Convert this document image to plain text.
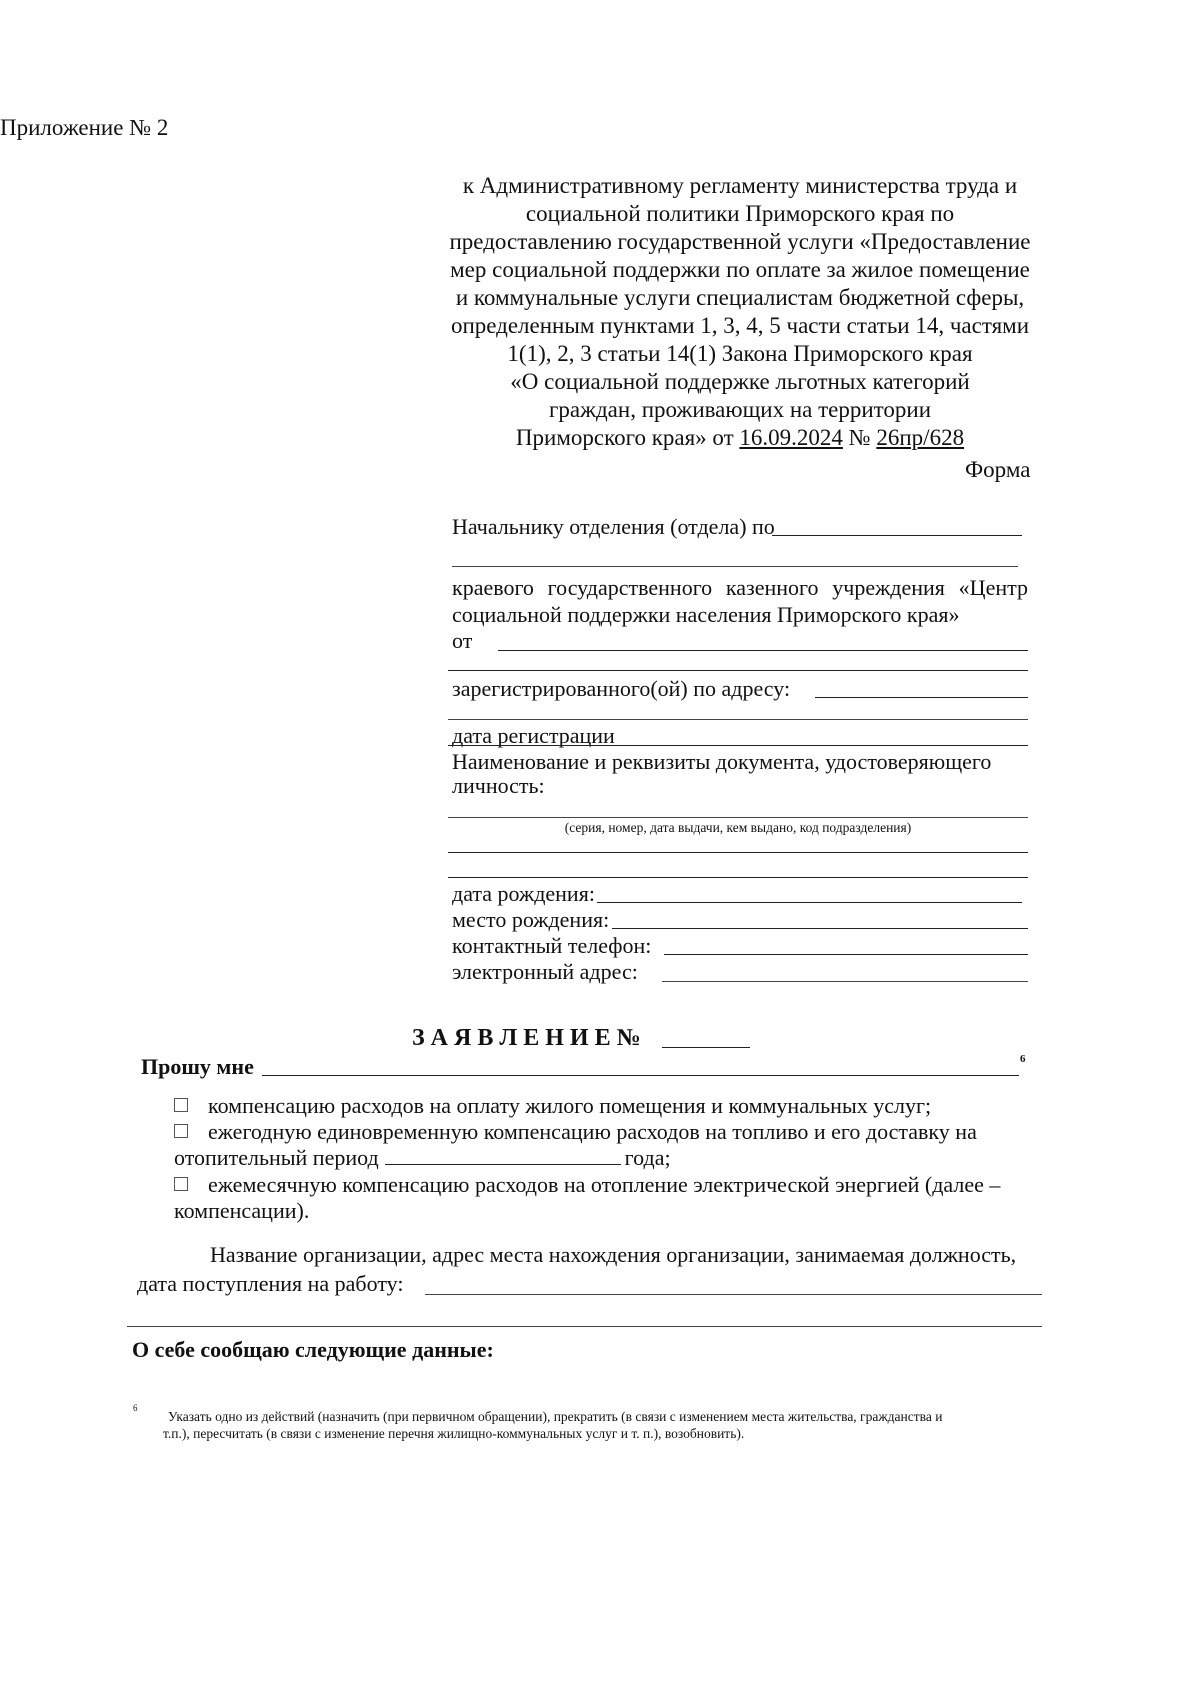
Приложение № 2
к Административному регламенту министерства труда и
социальной политики Приморского края по
предоставлению государственной услуги «Предоставление
мер социальной поддержки по оплате за жилое помещение
и коммунальные услуги специалистам бюджетной сферы,
определенным пунктами 1, 3, 4, 5 части статьи 14, частями
1(1), 2, 3 статьи 14(1) Закона Приморского края
«О социальной поддержке льготных категорий
граждан, проживающих на территории
Приморского края» от 16.09.2024 № 26пр/628
Форма
Начальнику отделения (отдела) по
краевого государственного казенного учреждения «Центр
социальной поддержки населения Приморского края»
от
зарегистрированного(ой) по адресу:
дата регистрации
Наименование и реквизиты документа, удостоверяющего
личность:
(серия, номер, дата выдачи, кем выдано, код подразделения)
дата рождения:
место рождения:
контактный телефон:
электронный адрес:
З А Я В Л Е Н И Е №
Прошу мне	6
компенсацию расходов на оплату жилого помещения и коммунальных услуг;
ежегодную единовременную компенсацию расходов на топливо и его доставку на
отопительный период	года;
ежемесячную компенсацию расходов на отопление электрической энергией (далее –
компенсации).
Название организации, адрес места нахождения организации, занимаемая должность,
дата поступления на работу:
О себе сообщаю следующие данные:
6
Указать одно из действий (назначить (при первичном обращении), прекратить (в связи с изменением места жительства, гражданства и
т.п.), пересчитать (в связи с изменение перечня жилищно-коммунальных услуг и т. п.), возобновить).
